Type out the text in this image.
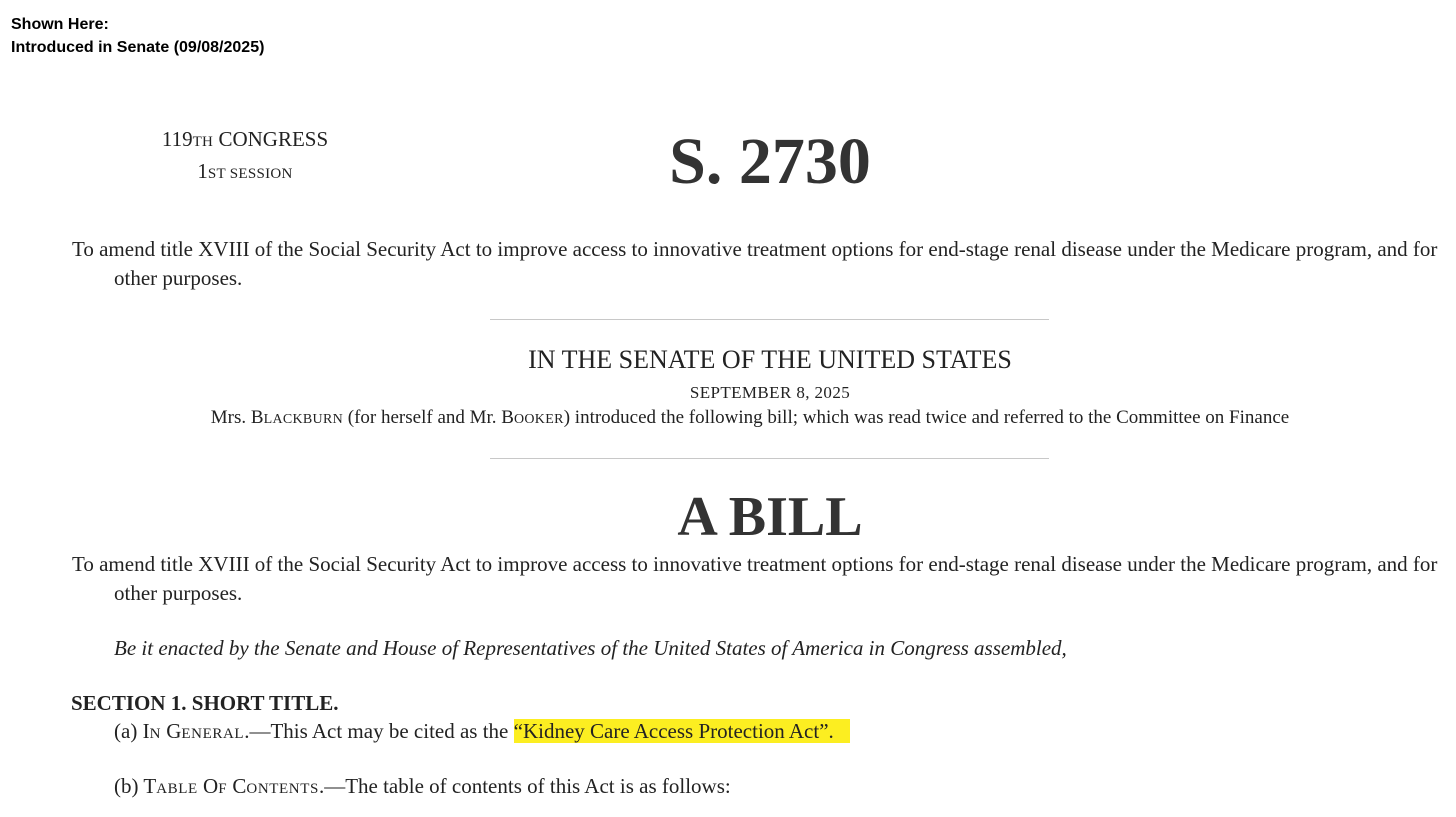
Shown Here:
Introduced in Senate (09/08/2025)
119TH CONGRESS
1ST SESSION	S. 2730
To amend title XVIII of the Social Security Act to improve access to innovative treatment options for end-stage renal disease under the Medicare program, and for
other purposes.
IN THE SENATE OF THE UNITED STATES
SEPTEMBER 8, 2025
Mrs. BLACKBURN (for herself and Mr. BOOKER) introduced the following bill; which was read twice and referred to the Committee on Finance
A BILL
To amend title XVIII of the Social Security Act to improve access to innovative treatment options for end-stage renal disease under the Medicare program, and for
other purposes.
Be it enacted by the Senate and House of Representatives of the United States of America in Congress assembled,
SECTION 1. SHORT TITLE.
(a) IN GENERAL.—This Act may be cited as the “Kidney Care Access Protection Act”.
(b) TABLE OF CONTENTS.—The table of contents of this Act is as follows:
